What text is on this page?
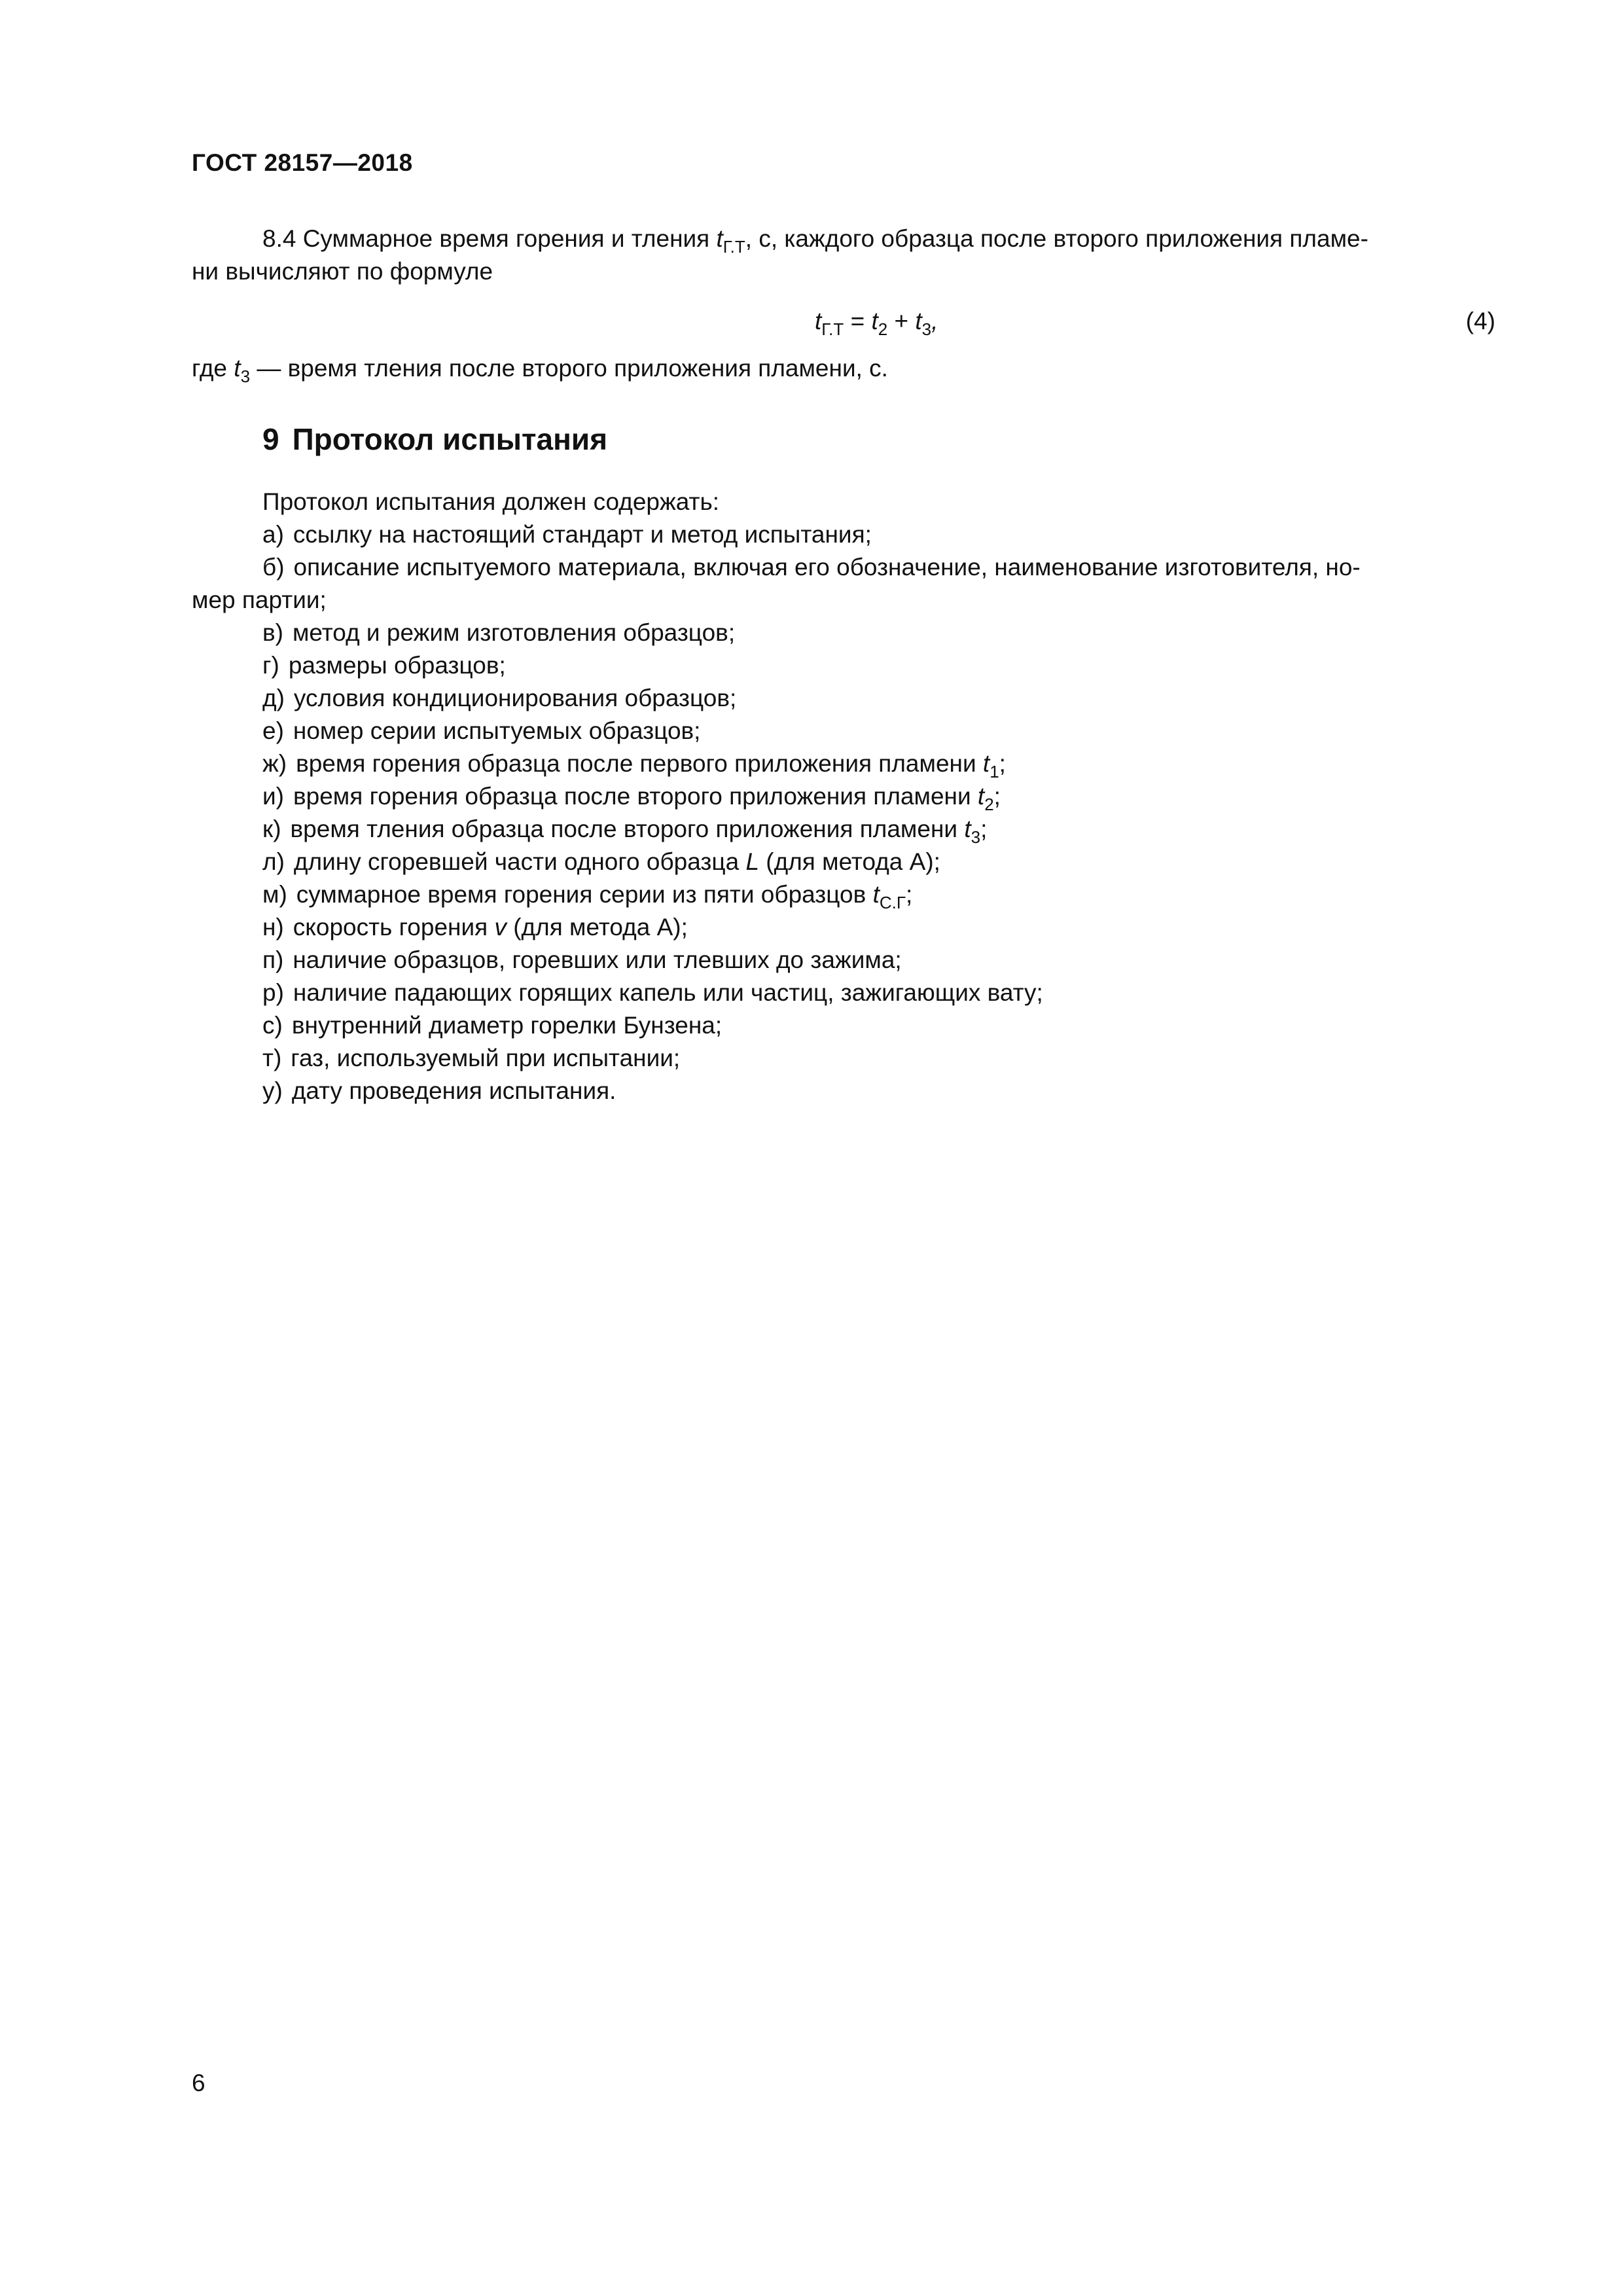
ГОСТ 28157—2018
8.4 Суммарное время горения и тления $t_{Г.Т}$, с, каждого образца после второго приложения пламе-
ни вычисляют по формуле
$t_{Г.Т} = t_2 + t_3$,	(4)
где $t_3$ — время тления после второго приложения пламени, с.
9 Протокол испытания
Протокол испытания должен содержать:
а) ссылку на настоящий стандарт и метод испытания;
б) описание испытуемого материала, включая его обозначение, наименование изготовителя, но-
мер партии;
в) метод и режим изготовления образцов;
г) размеры образцов;
д) условия кондиционирования образцов;
е) номер серии испытуемых образцов;
ж) время горения образца после первого приложения пламени $t_1$;
и) время горения образца после второго приложения пламени $t_2$;
к) время тления образца после второго приложения пламени $t_3$;
л) длину сгоревшей части одного образца L (для метода А);
м) суммарное время горения серии из пяти образцов $t_{С.Г}$;
н) скорость горения v (для метода А);
п) наличие образцов, горевших или тлевших до зажима;
р) наличие падающих горящих капель или частиц, зажигающих вату;
с) внутренний диаметр горелки Бунзена;
т) газ, используемый при испытании;
у) дату проведения испытания.
6
